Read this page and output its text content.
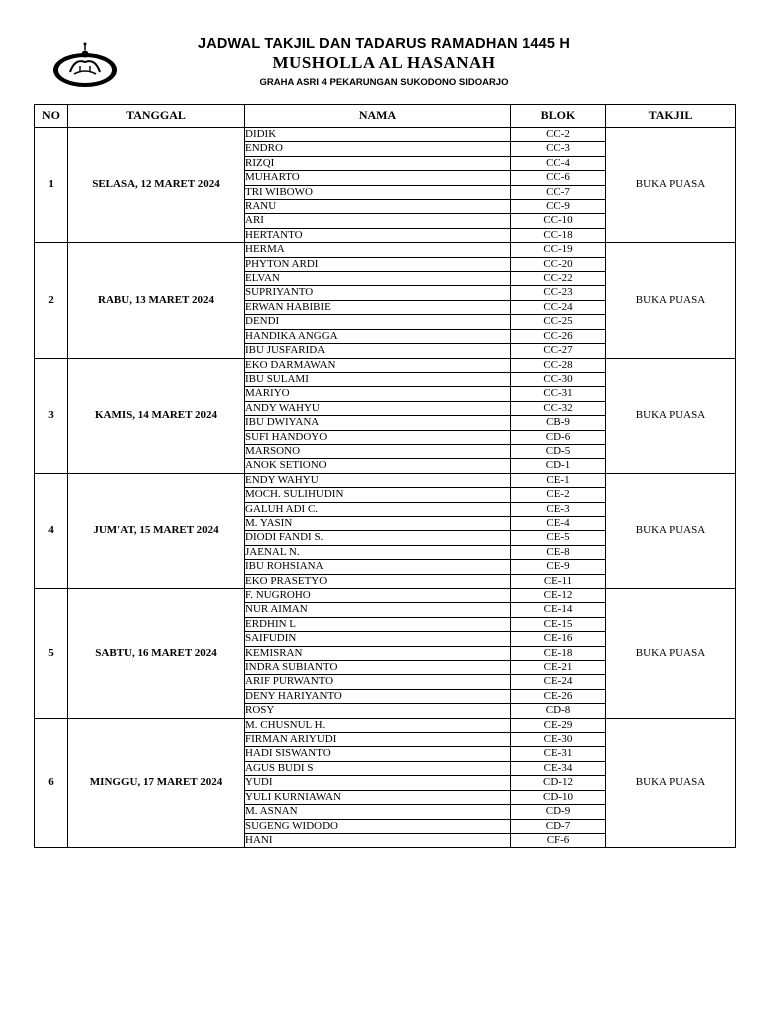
JADWAL TAKJIL DAN TADARUS RAMADHAN 1445 H
MUSHOLLA AL HASANAH
GRAHA ASRI 4 PEKARUNGAN SUKODONO SIDOARJO
NO	TANGGAL	NAMA	BLOK	TAKJIL
1	SELASA, 12 MARET 2024	DIDIK	CC-2	BUKA PUASA
		ENDRO	CC-3	
		RIZQI	CC-4	
		MUHARTO	CC-6	
		TRI WIBOWO	CC-7	
		RANU	CC-9	
		ARI	CC-10	
		HERTANTO	CC-18	
2	RABU, 13 MARET 2024	HERMA	CC-19	BUKA PUASA
		PHYTON ARDI	CC-20	
		ELVAN	CC-22	
		SUPRIYANTO	CC-23	
		ERWAN HABIBIE	CC-24	
		DENDI	CC-25	
		HANDIKA ANGGA	CC-26	
		IBU JUSFARIDA	CC-27	
3	KAMIS, 14 MARET 2024	EKO DARMAWAN	CC-28	BUKA PUASA
		IBU SULAMI	CC-30	
		MARIYO	CC-31	
		ANDY WAHYU	CC-32	
		IBU DWIYANA	CB-9	
		SUFI HANDOYO	CD-6	
		MARSONO	CD-5	
		ANOK SETIONO	CD-1	
4	JUM'AT, 15 MARET 2024	ENDY WAHYU	CE-1	BUKA PUASA
		MOCH. SULIHUDIN	CE-2	
		GALUH ADI C.	CE-3	
		M. YASIN	CE-4	
		DIODI FANDI S.	CE-5	
		JAENAL N.	CE-8	
		IBU ROHSIANA	CE-9	
		EKO PRASETYO	CE-11	
5	SABTU, 16 MARET 2024	F. NUGROHO	CE-12	BUKA PUASA
		NUR AIMAN	CE-14	
		ERDHIN L	CE-15	
		SAIFUDIN	CE-16	
		KEMISRAN	CE-18	
		INDRA SUBIANTO	CE-21	
		ARIF PURWANTO	CE-24	
		DENY HARIYANTO	CE-26	
		ROSY	CD-8	
6	MINGGU, 17 MARET 2024	M. CHUSNUL H.	CE-29	BUKA PUASA
		FIRMAN ARIYUDI	CE-30	
		HADI SISWANTO	CE-31	
		AGUS BUDI S	CE-34	
		YUDI	CD-12	
		YULI KURNIAWAN	CD-10	
		M. ASNAN	CD-9	
		SUGENG WIDODO	CD-7	
		HANI	CF-6	
